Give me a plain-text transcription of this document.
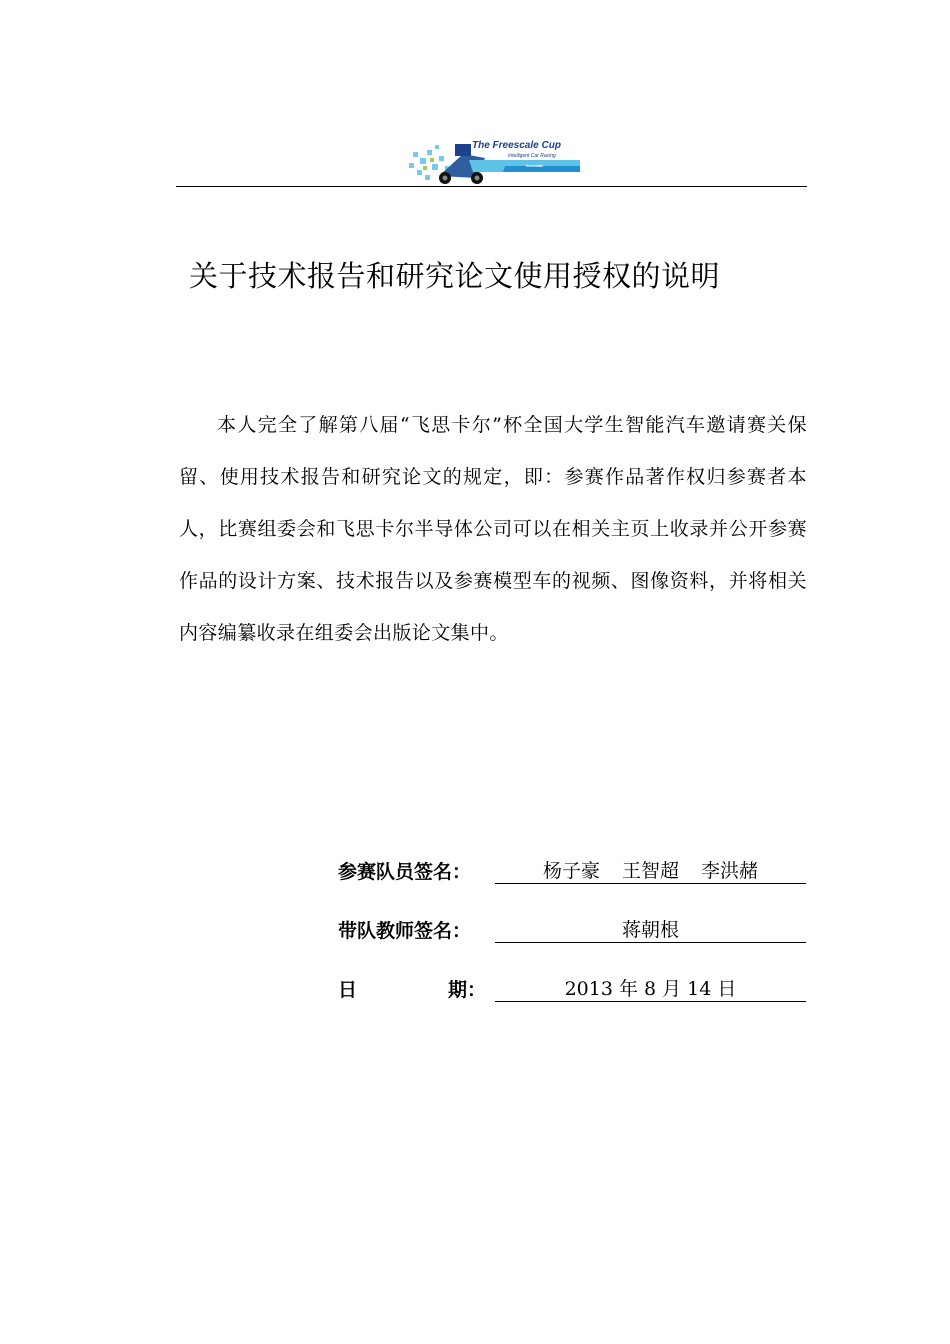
The Freescale Cup
Intelligent Car Racing
freescale
关于技术报告和研究论文使用授权的说明

本人完全了解第八届“飞思卡尔”杯全国大学生智能汽车邀请赛关保留、使用技术报告和研究论文的规定，即：参赛作品著作权归参赛者本人，比赛组委会和飞思卡尔半导体公司可以在相关主页上收录并公开参赛作品的设计方案、技术报告以及参赛模型车的视频、图像资料，并将相关内容编纂收录在组委会出版论文集中。

参赛队员签名：	杨子豪 王智超 李洪赭
带队教师签名：	蒋朝根
日	期：	2013 年 8 月 14 日
